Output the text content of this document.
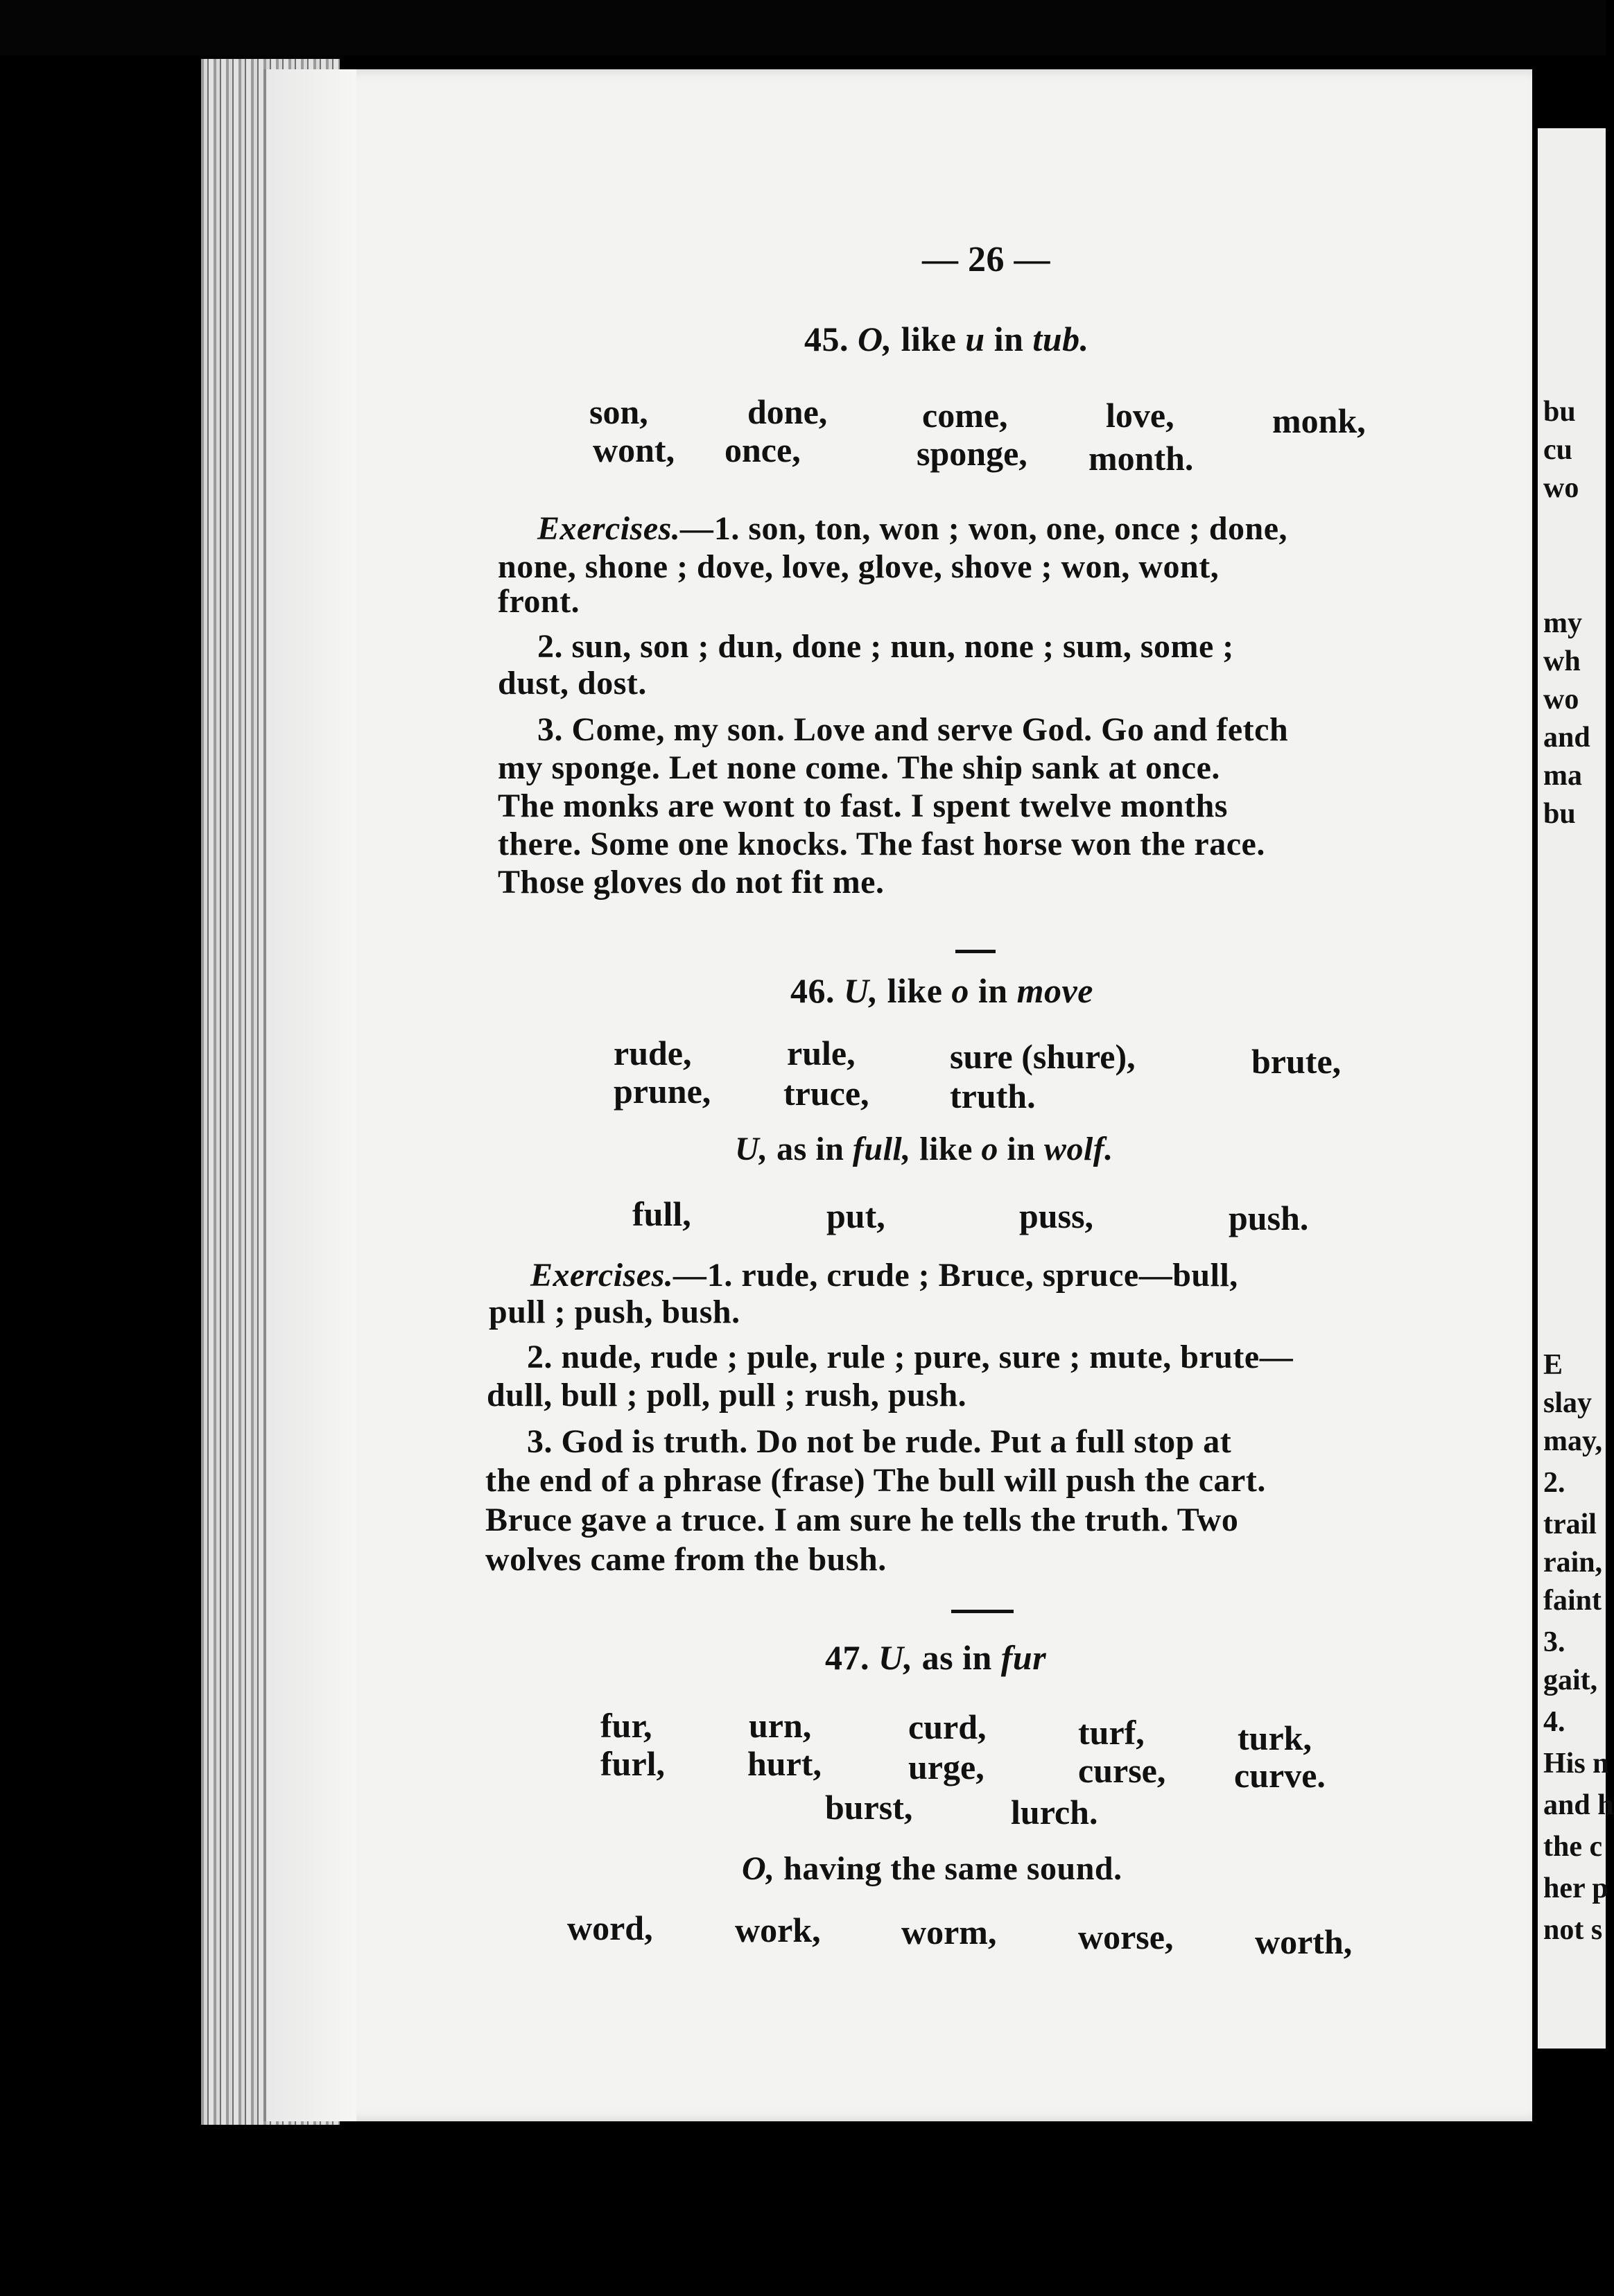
bu
cu
wo
my
wh
wo
and
ma
bu
E
slay
may,
2.
trail
rain,
faint
3.
gait,
4.
His n
and h
the c
her p
not s
— 26 —
45. O, like u in tub.
son,	done,	come,	love,	monk,
wont, once,	sponge, month.
Exercises.—1. son, ton, won ; won, one, once ; done,
none, shone ; dove, love, glove, shove ; won, wont,
front.
2. sun, son ; dun, done ; nun, none ; sum, some ;
dust, dost.
3. Come, my son. Love and serve God. Go and fetch
my sponge. Let none come. The ship sank at once.
The monks are wont to fast. I spent twelve months
there. Some one knocks. The fast horse won the race.
Those gloves do not fit me.
46. U, like o in move
rude,	rule,	sure (shure),	brute,
prune, truce, truth.
U, as in full, like o in wolf.
full,	put,	puss,	push.
Exercises.—1. rude, crude ; Bruce, spruce—bull,
pull ; push, bush.
2. nude, rude ; pule, rule ; pure, sure ; mute, brute—
dull, bull ; poll, pull ; rush, push.
3. God is truth. Do not be rude. Put a full stop at
the end of a phrase (frase) The bull will push the cart.
Bruce gave a truce. I am sure he tells the truth. Two
wolves came from the bush.
47. U, as in fur
fur,	urn,	curd,	turf,	turk,
furl, hurt,	urge,	curse, curve.
burst,	lurch.
O, having the same sound.
word, work, worm, worse, worth,
